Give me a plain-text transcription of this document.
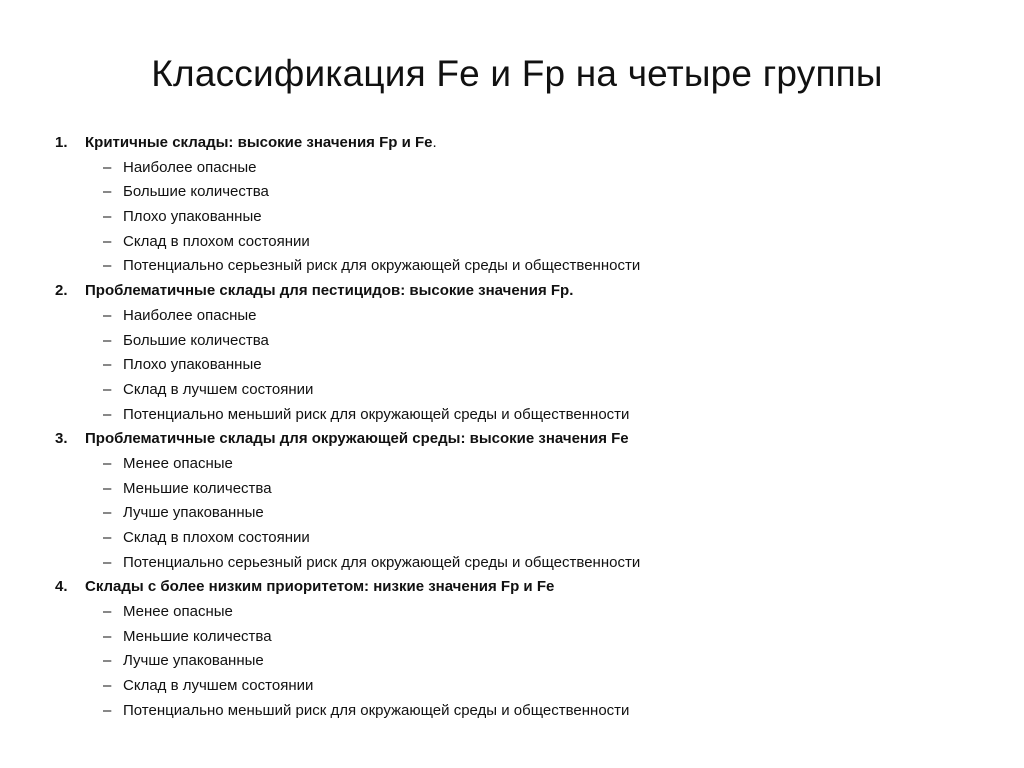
Классификация Fe и Fp на четыре группы
1. Критичные склады: высокие значения Fp и Fe.
– Наиболее опасные
– Большие количества
– Плохо упакованные
– Склад в плохом состоянии
– Потенциально серьезный риск для окружающей среды и общественности
2. Проблематичные склады для пестицидов: высокие значения Fp.
– Наиболее опасные
– Большие количества
– Плохо упакованные
– Склад в лучшем состоянии
– Потенциально меньший риск для окружающей среды и общественности
3. Проблематичные склады для окружающей среды: высокие значения Fe
– Менее опасные
– Меньшие количества
– Лучше упакованные
– Склад в плохом состоянии
– Потенциально серьезный риск для окружающей среды и общественности
4. Склады с более низким приоритетом: низкие значения Fp и Fe
– Менее опасные
– Меньшие количества
– Лучше упакованные
– Склад в лучшем состоянии
– Потенциально меньший риск для окружающей среды и общественности
